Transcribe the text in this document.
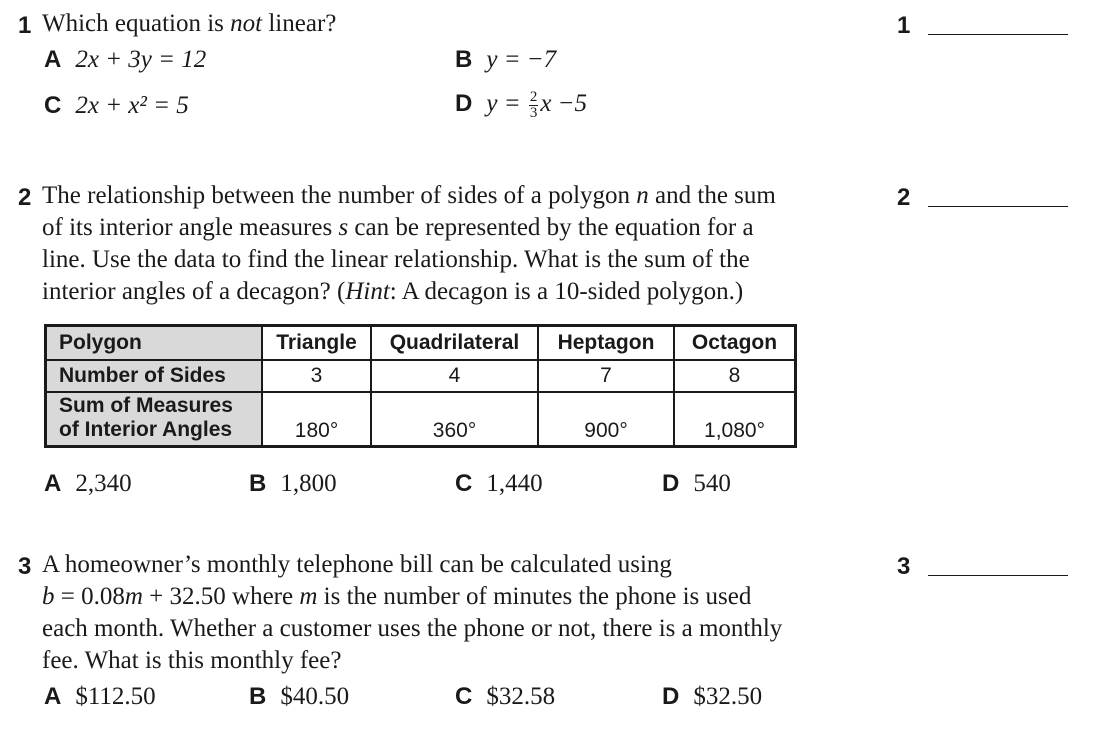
1 Which equation is not linear?	1
A 2x + 3y = 12	B y = −7
C 2x + x² = 5	D $y = \frac{2}{3}$ x −5
2 The relationship between the number of sides of a polygon n and the sum
of its interior angle measures s can be represented by the equation for a
line. Use the data to find the linear relationship. What is the sum of the
interior angles of a decagon? (Hint: A decagon is a 10-sided polygon.)
2
Polygon	Triangle	Quadrilateral	Heptagon	Octagon
Number of Sides	3	4	7	8

Sum of Measures
of Interior Angles	180°	360°	900°	1,080°
A 2,340	B 1,800	C 1,440	D 540
3 A homeowner’s monthly telephone bill can be calculated using
b = 0.08m + 32.50 where m is the number of minutes the phone is used
each month. Whether a customer uses the phone or not, there is a monthly
fee. What is this monthly fee?
3
A $112.50	B $40.50	C $32.58	D $32.50
